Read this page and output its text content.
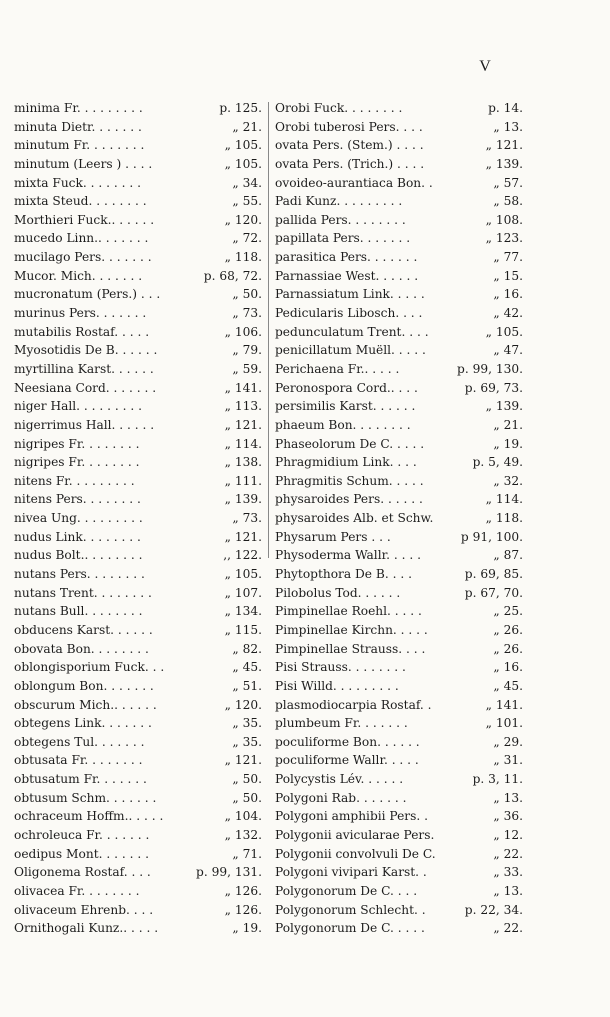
V
minima Fr. . . . . . . . .	p. 125.
minuta Dietr. . . . . . .	„ 21.
minutum Fr. . . . . . . .	„ 105.
minutum (Leers ) . . . .	„ 105.
mixta Fuck. . . . . . . .	„ 34.
mixta Steud. . . . . . . .	„ 55.
Morthieri Fuck.. . . . . .	„ 120.
mucedo Linn.. . . . . . .	„ 72.
mucilago Pers. . . . . . .	„ 118.
Mucor. Mich. . . . . . .	p. 68, 72.
mucronatum (Pers.) . . .	„ 50.
murinus Pers. . . . . . .	„ 73.
mutabilis Rostaf. . . . .	„ 106.
Myosotidis De B. . . . . .	„ 79.
myrtillina Karst. . . . . .	„ 59.
Neesiana Cord. . . . . . .	„ 141.
niger Hall. . . . . . . . .	„ 113.
nigerrimus Hall. . . . . .	„ 121.
nigripes Fr. . . . . . . .	„ 114.
nigripes Fr. . . . . . . .	„ 138.
nitens Fr. . . . . . . . .	„ 111.
nitens Pers. . . . . . . .	„ 139.
nivea Ung. . . . . . . . .	„ 73.
nudus Link. . . . . . . .	„ 121.
nudus Bolt.. . . . . . . .	,, 122.
nutans Pers. . . . . . . .	„ 105.
nutans Trent. . . . . . . .	„ 107.
nutans Bull. . . . . . . .	„ 134.
obducens Karst. . . . . .	„ 115.
obovata Bon. . . . . . . .	„ 82.
oblongisporium Fuck. . .	„ 45.
oblongum Bon. . . . . . .	„ 51.
obscurum Mich.. . . . . .	„ 120.
obtegens Link. . . . . . .	„ 35.
obtegens Tul. . . . . . .	„ 35.
obtusata Fr. . . . . . . .	„ 121.
obtusatum Fr. . . . . . .	„ 50.
obtusum Schm. . . . . . .	„ 50.
ochraceum Hoffm.. . . . .	„ 104.
ochroleuca Fr. . . . . . .	„ 132.
oedipus Mont. . . . . . .	„ 71.
Oligonema Rostaf. . . .	p. 99, 131.
olivacea Fr. . . . . . . .	„ 126.
olivaceum Ehrenb. . . .	„ 126.
Ornithogali Kunz.. . . . .	„ 19.
Orobi Fuck. . . . . . . .	p. 14.
Orobi tuberosi Pers. . . .	„ 13.
ovata Pers. (Stem.) . . . .	„ 121.
ovata Pers. (Trich.) . . . .	„ 139.
ovoideo-aurantiaca Bon. .	„ 57.
Padi Kunz. . . . . . . . .	„ 58.
pallida Pers. . . . . . . .	„ 108.
papillata Pers. . . . . . .	„ 123.
parasitica Pers. . . . . . .	„ 77.
Parnassiae West. . . . . .	„ 15.
Parnassiatum Link. . . . .	„ 16.
Pedicularis Libosch. . . .	„ 42.
pedunculatum Trent. . . .	„ 105.
penicillatum Muëll. . . . .	„ 47.
Perichaena Fr.. . . . .	p. 99, 130.
Peronospora Cord.. . . .	p. 69, 73.
persimilis Karst. . . . . .	„ 139.
phaeum Bon. . . . . . . .	„ 21.
Phaseolorum De C. . . . .	„ 19.
Phragmidium Link. . . .	p. 5, 49.
Phragmitis Schum. . . . .	„ 32.
physaroides Pers. . . . . .	„ 114.
physaroides Alb. et Schw.	„ 118.
Physarum Pers . . .	p 91, 100.
Physoderma Wallr. . . . .	„ 87.
Phytopthora De B. . . .	p. 69, 85.
Pilobolus Tod. . . . . .	p. 67, 70.
Pimpinellae Roehl. . . . .	„ 25.
Pimpinellae Kirchn. . . . .	„ 26.
Pimpinellae Strauss. . . .	„ 26.
Pisi Strauss. . . . . . . .	„ 16.
Pisi Willd. . . . . . . . .	„ 45.
plasmodiocarpia Rostaf. .	„ 141.
plumbeum Fr. . . . . . .	„ 101.
poculiforme Bon. . . . . .	„ 29.
poculiforme Wallr. . . . .	„ 31.
Polycystis Lév. . . . . .	p. 3, 11.
Polygoni Rab. . . . . . .	„ 13.
Polygoni amphibii Pers. .	„ 36.
Polygonii avicularae Pers.	„ 12.
Polygonii convolvuli De C.	„ 22.
Polygoni vivipari Karst. .	„ 33.
Polygonorum De C. . . .	„ 13.
Polygonorum Schlecht. .	p. 22, 34.
Polygonorum De C. . . . .	„ 22.
